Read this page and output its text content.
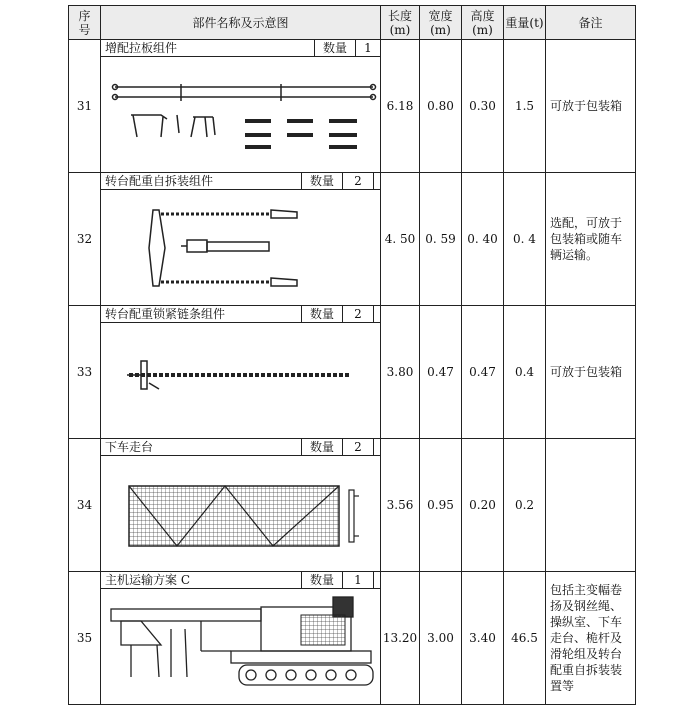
序号	部件名称及示意图	长度(m)	宽度(m)	高度(m)	重量(t)	备注
31	增配拉板组件 数量 1	6.18	0.80	0.30	1.5	可放于包装箱
32	转台配重自拆装组件 数量 2	4. 50	0. 59	0. 40	0. 4	选配，可放于包装箱或随车辆运输。
33	转台配重锁紧链条组件 数量 2	3.80	0.47	0.47	0.4	可放于包装箱
34	下车走台 数量 2	3.56	0.95	0.20	0.2	
35	主机运输方案 C 数量 1	13.20	3.00	3.40	46.5	包括主变幅卷扬及钢丝绳、操纵室、下车走台、桅杆及滑轮组及转台配重自拆装装置等
